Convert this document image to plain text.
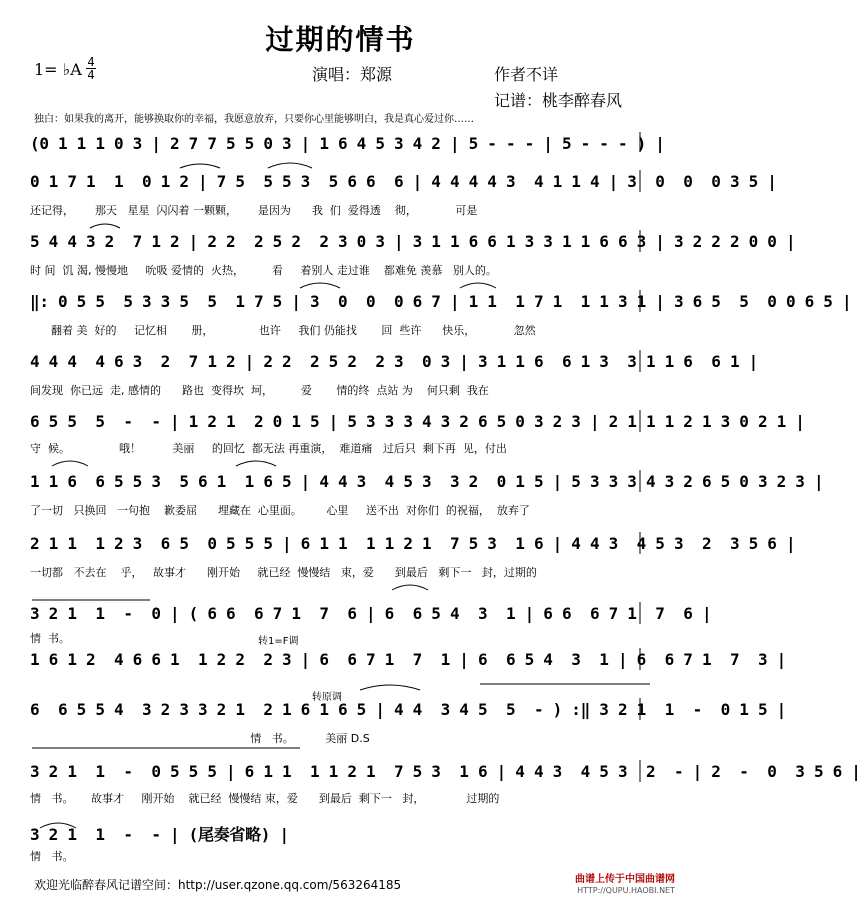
过期的情书
1= ♭A 4
4	演唱：郑源	作者不详
记谱：桃李醉春风
独白：如果我的离开，能够换取你的幸福，我愿意放弃，只要你心里能够明白，我是真心爱过你……
(0 1 1 1 0 3 | 2 7 7 5 5 0 3 | 1 6 4 5 3 4 2 | 5 - - - | 5 - - - ) |
0 1 7 1  1  0 1 2 | 7 5  5 5 3  5 6 6  6 | 4 4 4 4 3  4 1 1 4 | 3  0  0  0 3 5 |
还记得，      那天   星星  闪闪着 一颗颗，      是因为      我  们  爱得透    彻，           可是
5 4 4 3 2  7 1 2 | 2 2  2 5 2  2 3 0 3 | 3 1 1 6 6 1 3 3 1 1 6 6 3 | 3 2 2 2 0 0 |
时 间  饥 渴, 慢慢地     吮吸 爱情的  火热，        看     着别人 走过谁    都难免 羡慕   别人的。
‖: 0 5 5  5 3 3 5  5  1 7 5 | 3  0  0  0 6 7 | 1 1  1 7 1  1 1 3 1 | 3 6 5  5  0 0 6 5 |
翻着 美  好的     记忆相       册，             也许     我们 仍能找       回  些许      快乐，           忽然
4 4 4  4 6 3  2  7 1 2 | 2 2  2 5 2  2 3  0 3 | 3 1 1 6  6 1 3  3 1 1 6  6 1 |
间发现  你已远  走, 感情的      路也  变得坎  坷，        爱       情的终  点站 为    何只剩  我在
6 5 5  5  -  - | 1 2 1  2 0 1 5 | 5 3 3 3 4 3 2 6 5 0 3 2 3 | 2 1 1 1 2 1 3 0 2 1 |
守  候。              哦！         美丽     的回忆  都无法 再重演，  难道痛   过后只  剩下再  见，付出
1 1 6  6 5 5 3  5 6 1  1 6 5 | 4 4 3  4 5 3  3 2  0 1 5 | 5 3 3 3 4 3 2 6 5 0 3 2 3 |
了一切   只换回   一句抱    歉委屈      埋藏在  心里面。       心里     送不出  对你们  的祝福，  放弃了
2 1 1  1 2 3  6 5  0 5 5 5 | 6 1 1  1 1 2 1  7 5 3  1 6 | 4 4 3  4 5 3  2  3 5 6 |
一切都   不去在    乎，   故事才      刚开始     就已经  慢慢结   束，爱      到最后   剩下一   封，过期的
3 2 1  1  -  0 | ( 6 6  6 7 1  7  6 | 6  6 5 4  3  1 | 6 6  6 7 1  7  6 |
情  书。	转1=F调
1 6 1 2  4 6 6 1  1 2 2  2 3 | 6  6 7 1  7  1 | 6  6 5 4  3  1 | 6  6 7 1  7  3 |
转原调
6  6 5 5 4  3 2 3 3 2 1  2 1 6 1 6 5 | 4 4  3 4 5  5  - ) :‖ 3 2 1  1  -  0 1 5 |
情   书。         美丽 D.S
3 2 1  1  -  0 5 5 5 | 6 1 1  1 1 2 1  7 5 3  1 6 | 4 4 3  4 5 3  2  - | 2  -  0  3 5 6 |
情   书。     故事才     刚开始    就已经  慢慢结 束，爱      到最后  剩下一   封，            过期的
3 2 1  1  -  - | (尾奏省略) |
情   书。
欢迎光临醉春风记谱空间：http://user.qzone.qq.com/563264185	曲谱上传于中国曲谱网
HTTP://QUPU.HAOBI.NET
